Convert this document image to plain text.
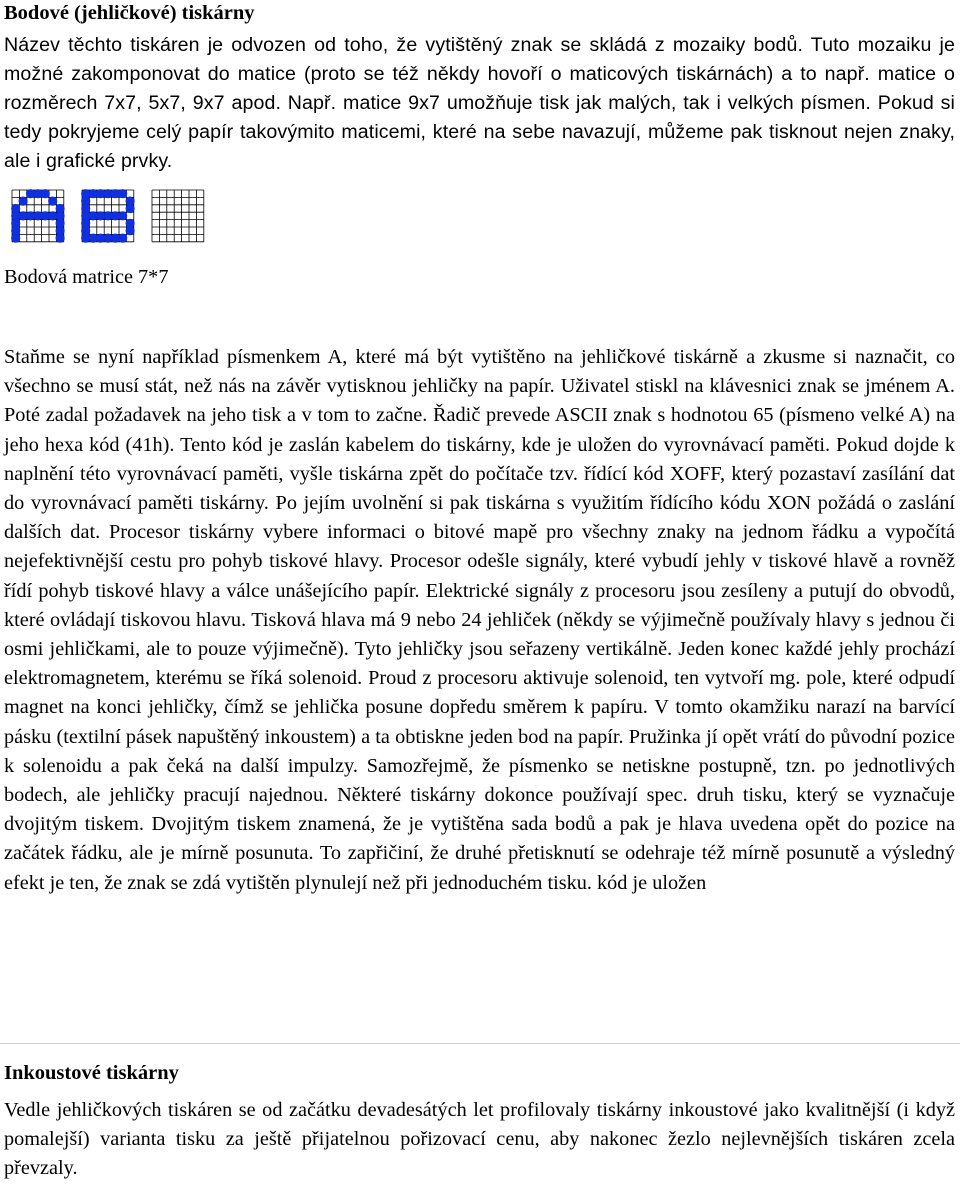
Bodové (jehličkové) tiskárny

Název těchto tiskáren je odvozen od toho, že vytištěný znak se skládá z mozaiky bodů. Tuto mozaiku je možné zakomponovat do matice (proto se též někdy hovoří o maticových tiskárnách) a to např. matice o rozměrech 7x7, 5x7, 9x7 apod. Např. matice 9x7 umožňuje tisk jak malých, tak i velkých písmen. Pokud si tedy pokryjeme celý papír takovýmito maticemi, které na sebe navazují, můžeme pak tisknout nejen znaky, ale i grafické prvky.

Inkoustové tiskárny

Vedle jehličkových tiskáren se od začátku devadesátých let profilovaly tiskárny inkoustové jako kvalitnější (i když pomalejší) varianta tisku za ještě přijatelnou pořizovací cenu, aby nakonec žezlo nejlevnějších tiskáren zcela převzaly.

Staňme se nyní například písmenkem A, které má být vytištěno na jehličkové tiskárně a zkusme si naznačit, co všechno se musí stát, než nás na závěr vytisknou jehličky na papír. Uživatel stiskl na klávesnici znak se jménem A. Poté zadal požadavek na jeho tisk a v tom to začne. Řadič prevede ASCII znak s hodnotou 65 (písmeno velké A) na jeho hexa kód (41h). Tento kód je zaslán kabelem do tiskárny, kde je uložen do vyrovnávací paměti. Pokud dojde k naplnění této vyrovnávací paměti, vyšle tiskárna zpět do počítače tzv. řídící kód XOFF, který pozastaví zasílání dat do vyrovnávací paměti tiskárny. Po jejím uvolnění si pak tiskárna s využitím řídícího kódu XON požádá o zaslání dalších dat. Procesor tiskárny vybere informaci o bitové mapě pro všechny znaky na jednom řádku a vypočítá nejefektivnější cestu pro pohyb tiskové hlavy. Procesor odešle signály, které vybudí jehly v tiskové hlavě a rovněž řídí pohyb tiskové hlavy a válce unášejícího papír. Elektrické signály z procesoru jsou zesíleny a putují do obvodů, které ovládají tiskovou hlavu. Tisková hlava má 9 nebo 24 jehliček (někdy se výjimečně používaly hlavy s jednou či osmi jehličkami, ale to pouze výjimečně). Tyto jehličky jsou seřazeny vertikálně. Jeden konec každé jehly prochází elektromagnetem, kterému se říká solenoid. Proud z procesoru aktivuje solenoid, ten vytvoří mg. pole, které odpudí magnet na konci jehličky, čímž se jehlička posune dopředu směrem k papíru. V tomto okamžiku narazí na barvící pásku (textilní pásek napuštěný inkoustem) a ta obtiskne jeden bod na papír. Pružinka jí opět vrátí do původní pozice k solenoidu a pak čeká na další impulzy. Samozřejmě, že písmenko se netiskne postupně, tzn. po jednotlivých bodech, ale jehličky pracují najednou. Některé tiskárny dokonce používají spec. druh tisku, který se vyznačuje dvojitým tiskem. Dvojitým tiskem znamená, že je vytištěna sada bodů a pak je hlava uvedena opět do pozice na začátek řádku, ale je mírně posunuta. To zapřičiní, že druhé přetisknutí se odehraje též mírně posunutě a výsledný efekt je ten, že znak se zdá vytištěn plynulejí než při jednoduchém tisku. kód je uložen

Bodová matrice 7*7
